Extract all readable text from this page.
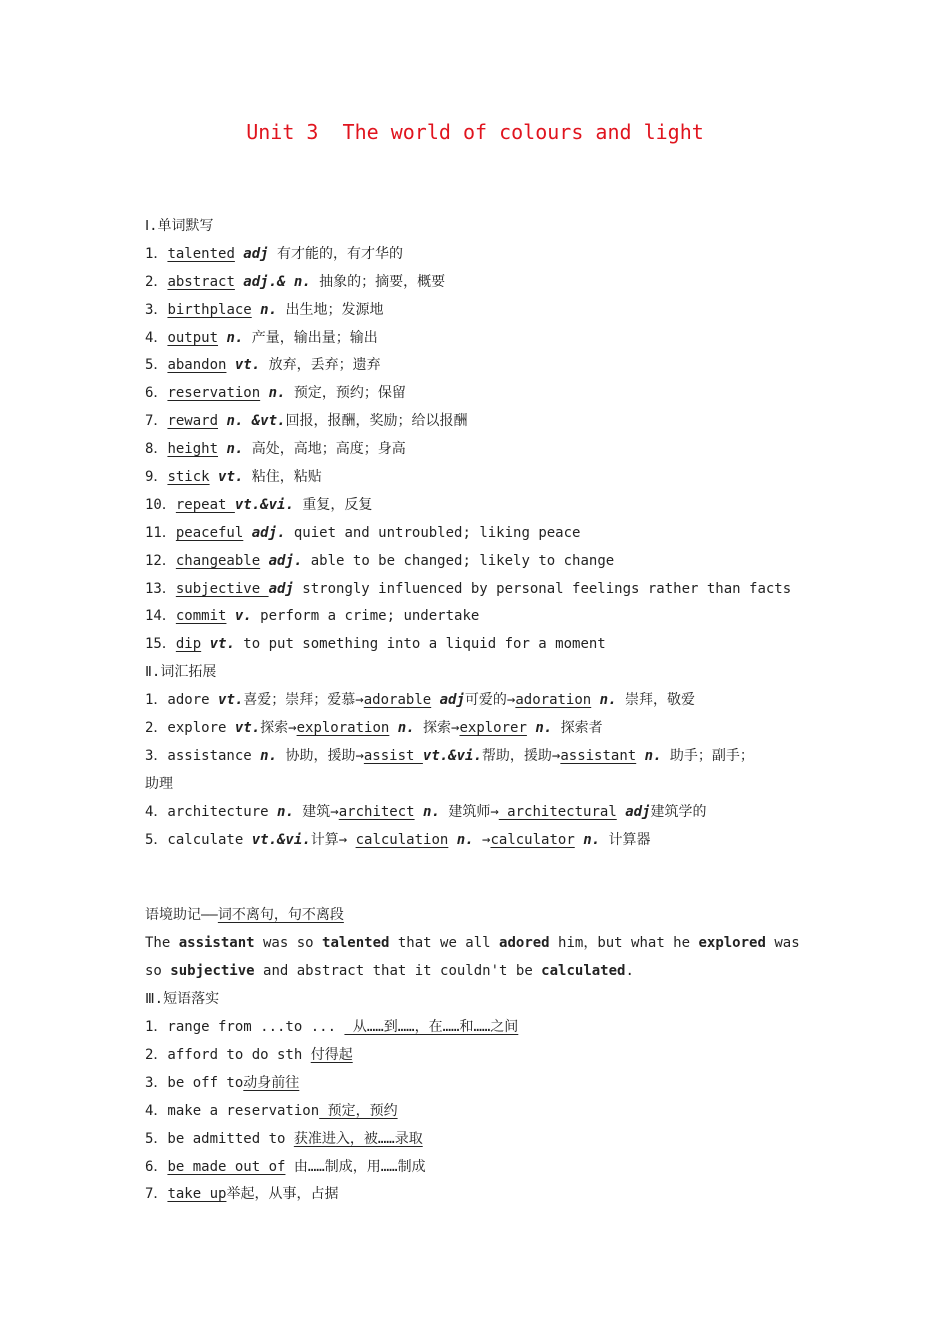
Unit 3  The world of colours and light
Ⅰ.单词默写
1．talented adj 有才能的，有才华的
2．abstract adj.& n. 抽象的；摘要，概要
3．birthplace n. 出生地；发源地
4．output n. 产量，输出量；输出
5．abandon vt. 放弃，丢弃；遗弃
6．reservation n. 预定，预约；保留
7．reward n. &vt.回报，报酬，奖励；给以报酬
8．height n. 高处，高地；高度；身高
9．stick vt. 粘住，粘贴
10．repeat vt.&vi. 重复，反复
11．peaceful adj. quiet and untroubled; liking peace
12．changeable adj. able to be changed; likely to change
13．subjective adj strongly influenced by personal feelings rather than facts
14．commit v. perform a crime; undertake
15．dip vt. to put something into a liquid for a moment
Ⅱ.词汇拓展
1．adore vt.喜爱；崇拜；爱慕→adorable adj可爱的→adoration n. 崇拜，敬爱
2．explore vt.探索→exploration n. 探索→explorer n. 探索者
3．assistance n. 协助，援助→assist vt.&vi.帮助，援助→assistant n. 助手；副手；
助理
4．architecture n. 建筑→architect n. 建筑师→ architectural adj建筑学的
5．calculate vt.&vi.计算→ calculation n. →calculator n. 计算器
语境助记——词不离句，句不离段
The assistant was so talented that we all adored him，but what he explored was
so subjective and abstract that it couldn't be calculated.
Ⅲ.短语落实
1．range from ...to ...  从……到……，在……和……之间
2．afford to do sth 付得起
3．be off to动身前往
4．make a reservation 预定，预约
5．be admitted to 获准进入，被……录取
6．be made out of 由……制成，用……制成
7．take up举起，从事，占据
